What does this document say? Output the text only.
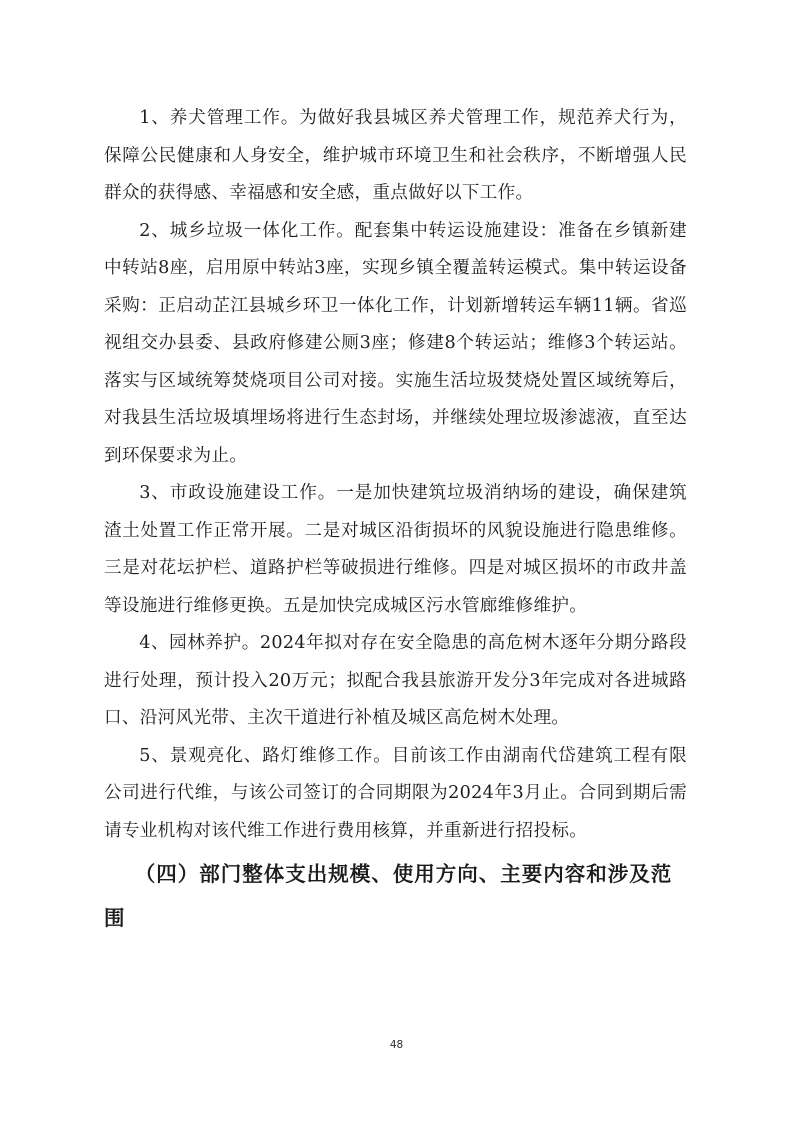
1、养犬管理工作。为做好我县城区养犬管理工作，规范养犬行为，保障公民健康和人身安全，维护城市环境卫生和社会秩序，不断增强人民群众的获得感、幸福感和安全感，重点做好以下工作。

2、城乡垃圾一体化工作。配套集中转运设施建设：准备在乡镇新建中转站8座，启用原中转站3座，实现乡镇全覆盖转运模式。集中转运设备采购：正启动芷江县城乡环卫一体化工作，计划新增转运车辆11辆。省巡视组交办县委、县政府修建公厕3座；修建8个转运站；维修3个转运站。落实与区域统筹焚烧项目公司对接。实施生活垃圾焚烧处置区域统筹后，对我县生活垃圾填埋场将进行生态封场，并继续处理垃圾渗滤液，直至达到环保要求为止。

3、市政设施建设工作。一是加快建筑垃圾消纳场的建设，确保建筑渣土处置工作正常开展。二是对城区沿街损坏的风貌设施进行隐患维修。三是对花坛护栏、道路护栏等破损进行维修。四是对城区损坏的市政井盖等设施进行维修更换。五是加快完成城区污水管廊维修维护。

4、园林养护。2024年拟对存在安全隐患的高危树木逐年分期分路段进行处理，预计投入20万元；拟配合我县旅游开发分3年完成对各进城路口、沿河风光带、主次干道进行补植及城区高危树木处理。

5、景观亮化、路灯维修工作。目前该工作由湖南代岱建筑工程有限公司进行代维，与该公司签订的合同期限为2024年3月止。合同到期后需请专业机构对该代维工作进行费用核算，并重新进行招投标。

（四）部门整体支出规模、使用方向、主要内容和涉及范围

48
